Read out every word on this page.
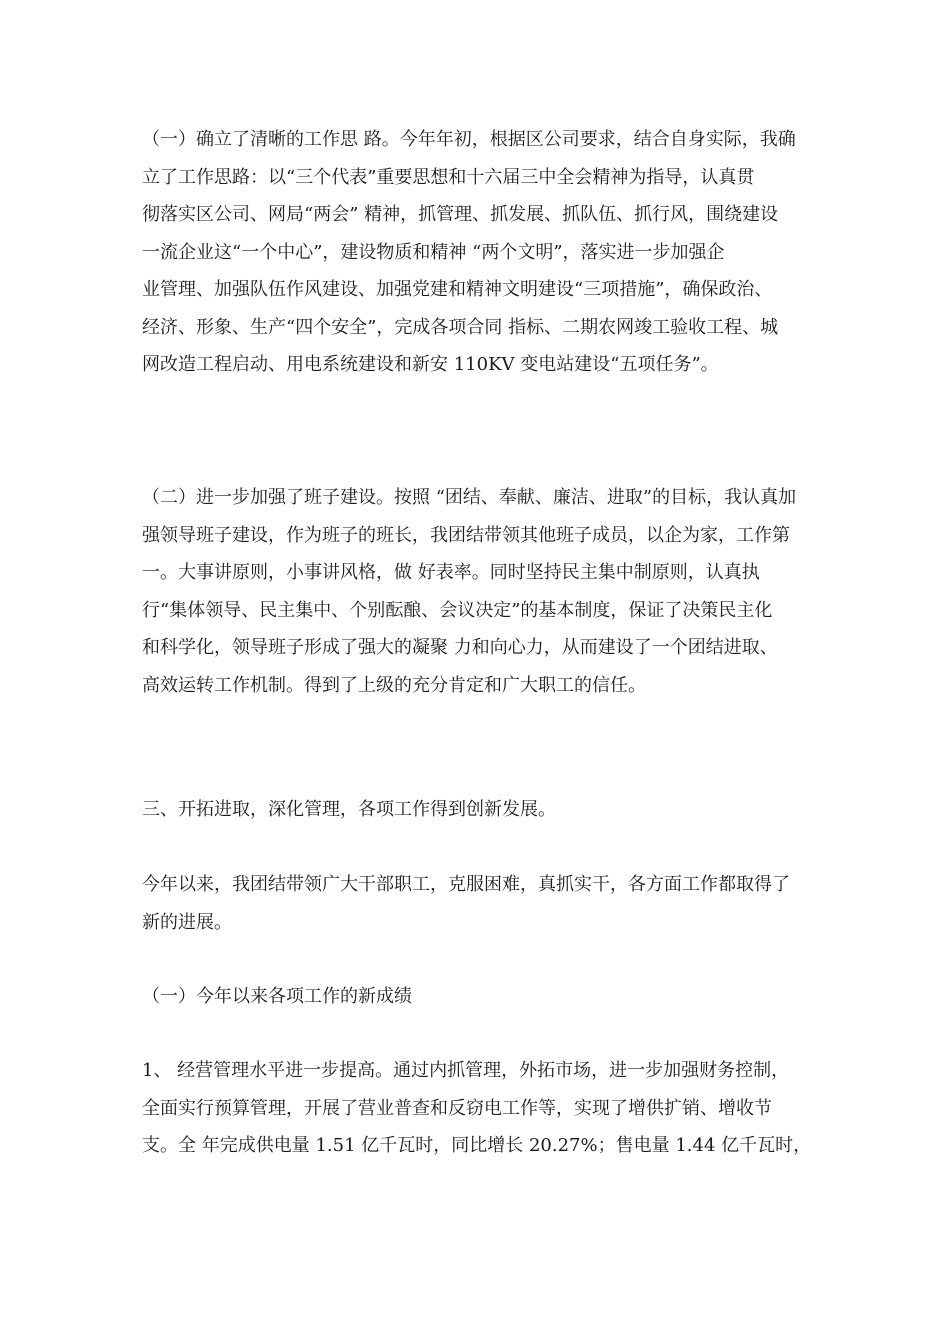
（一）确立了清晰的工作思 路。今年年初，根据区公司要求，结合自身实际，我确
立了工作思路：以“三个代表”重要思想和十六届三中全会精神为指导，认真贯
彻落实区公司、网局“两会” 精神，抓管理、抓发展、抓队伍、抓行风，围绕建设
一流企业这“一个中心”，建设物质和精神 “两个文明”，落实进一步加强企
业管理、加强队伍作风建设、加强党建和精神文明建设“三项措施”，确保政治、
经济、形象、生产“四个安全”，完成各项合同 指标、二期农网竣工验收工程、城
网改造工程启动、用电系统建设和新安 110KV 变电站建设“五项任务”。
（二）进一步加强了班子建设。按照 “团结、奉献、廉洁、进取”的目标，我认真加
强领导班子建设，作为班子的班长，我团结带领其他班子成员，以企为家，工作第
一。大事讲原则，小事讲风格，做 好表率。同时坚持民主集中制原则，认真执
行“集体领导、民主集中、个别酝酿、会议决定”的基本制度，保证了决策民主化
和科学化，领导班子形成了强大的凝聚 力和向心力，从而建设了一个团结进取、
高效运转工作机制。得到了上级的充分肯定和广大职工的信任。
三、开拓进取，深化管理，各项工作得到创新发展。
今年以来，我团结带领广大干部职工，克服困难，真抓实干，各方面工作都取得了
新的进展。
（一）今年以来各项工作的新成绩
1、 经营管理水平进一步提高。通过内抓管理，外拓市场，进一步加强财务控制，
全面实行预算管理，开展了营业普查和反窃电工作等，实现了增供扩销、增收节
支。全 年完成供电量 1.51 亿千瓦时，同比增长 20.27%；售电量 1.44 亿千瓦时，
